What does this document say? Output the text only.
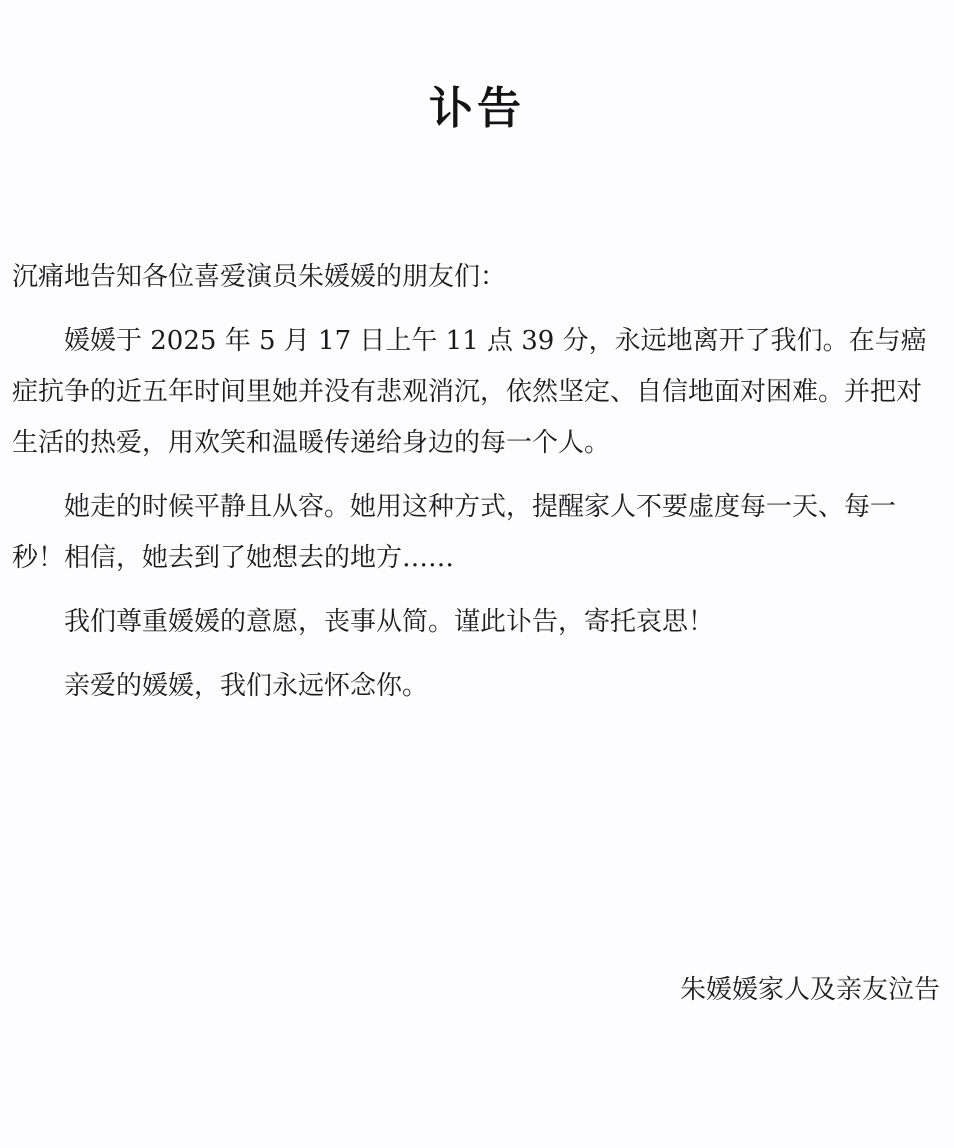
讣告

沉痛地告知各位喜爱演员朱媛媛的朋友们：

媛媛于 2025 年 5 月 17 日上午 11 点 39 分，永远地离开了我们。在与癌症抗争的近五年时间里她并没有悲观消沉，依然坚定、自信地面对困难。并把对生活的热爱，用欢笑和温暖传递给身边的每一个人。

她走的时候平静且从容。她用这种方式，提醒家人不要虚度每一天、每一秒！相信，她去到了她想去的地方……

我们尊重媛媛的意愿，丧事从简。谨此讣告，寄托哀思！

亲爱的媛媛，我们永远怀念你。

朱媛媛家人及亲友泣告
